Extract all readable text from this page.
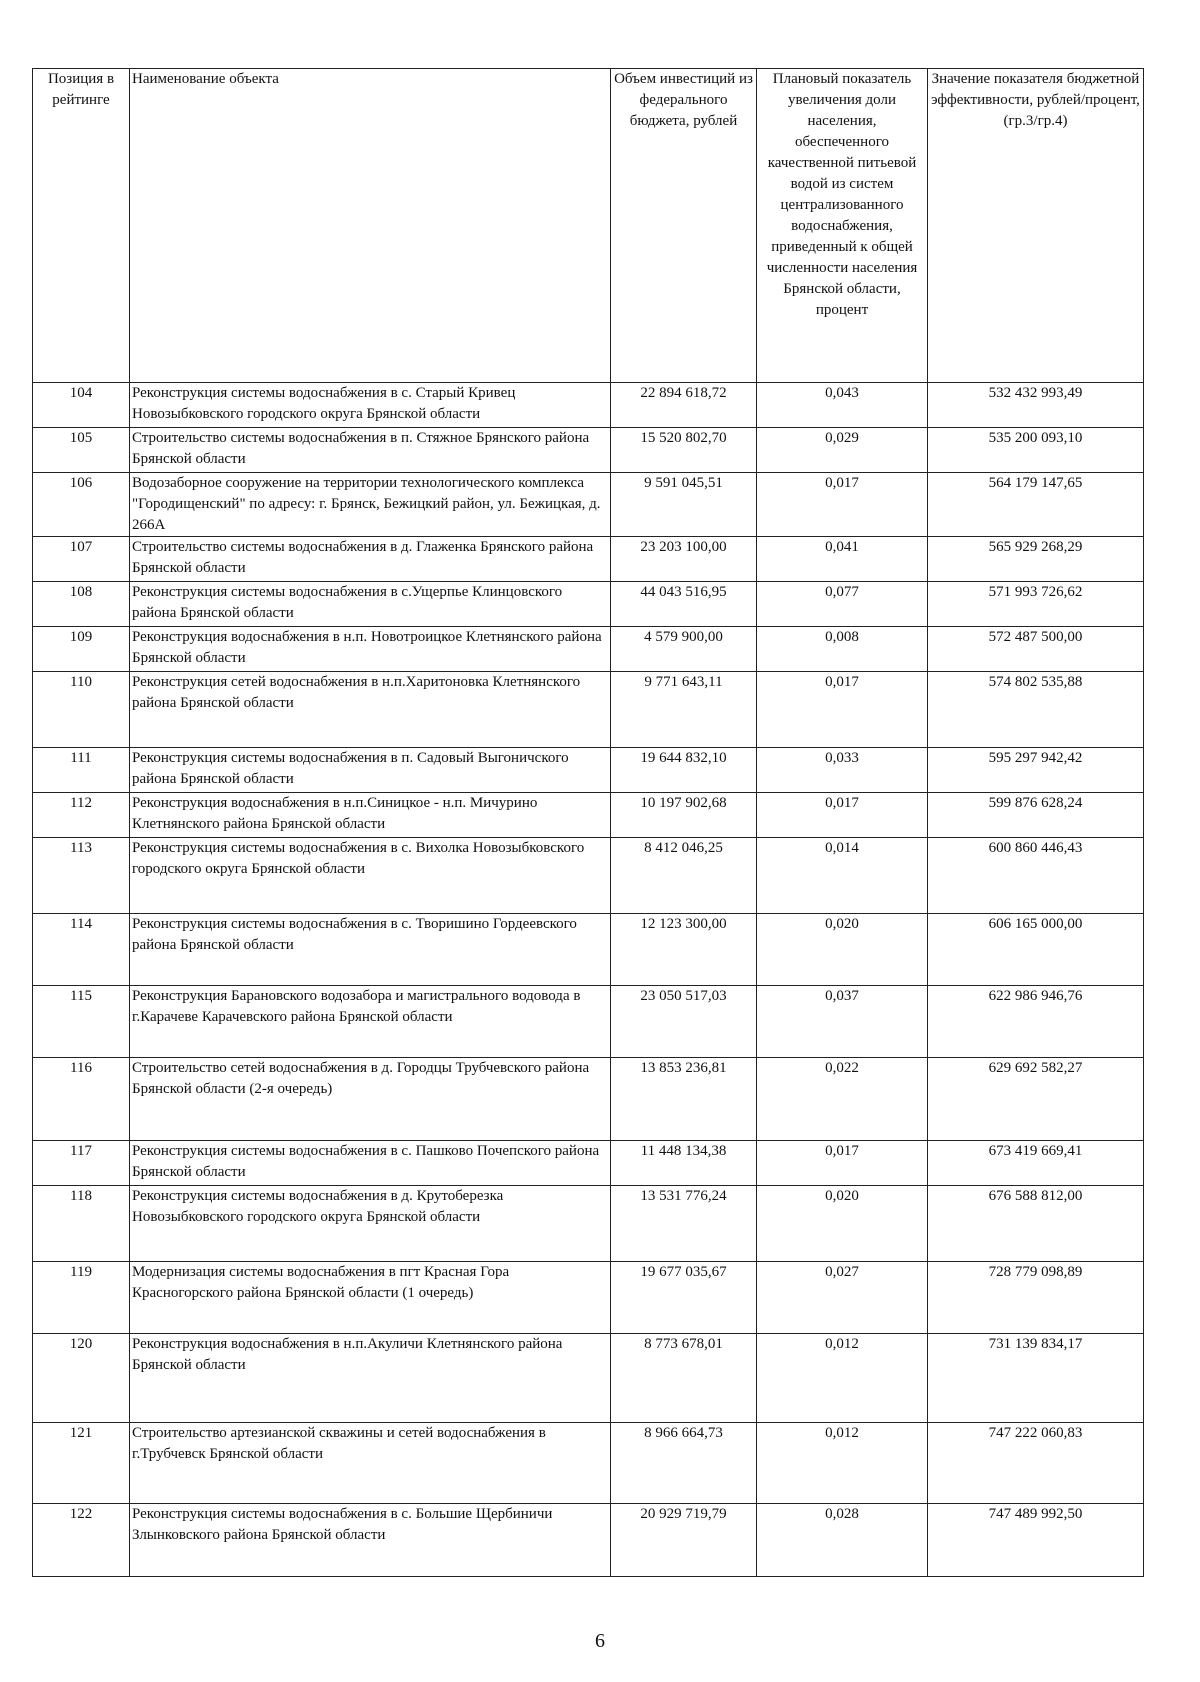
Позиция в рейтинге	Наименование объекта	Объем инвестиций из федерального бюджета, рублей	Плановый показатель увеличения доли населения, обеспеченного качественной питьевой водой из систем централизованного водоснабжения, приведенный к общей численности населения Брянской области, процент	Значение показателя бюджетной эффективности, рублей/процент, (гр.3/гр.4)
104	Реконструкция системы водоснабжения в с. Старый Кривец Новозыбковского городского округа Брянской области	22 894 618,72	0,043	532 432 993,49
105	Строительство системы водоснабжения в п. Стяжное Брянского района Брянской области	15 520 802,70	0,029	535 200 093,10
106	Водозаборное сооружение на территории технологического комплекса "Городищенский" по адресу: г. Брянск, Бежицкий район, ул. Бежицкая, д. 266А	9 591 045,51	0,017	564 179 147,65
107	Строительство системы водоснабжения в д. Глаженка Брянского района Брянской области	23 203 100,00	0,041	565 929 268,29
108	Реконструкция системы водоснабжения в с.Ущерпье Клинцовского района Брянской области	44 043 516,95	0,077	571 993 726,62
109	Реконструкция водоснабжения в н.п. Новотроицкое Клетнянского района Брянской области	4 579 900,00	0,008	572 487 500,00
110	Реконструкция сетей водоснабжения в н.п.Харитоновка Клетнянского района Брянской области	9 771 643,11	0,017	574 802 535,88
111	Реконструкция системы водоснабжения в п. Садовый Выгоничского района Брянской области	19 644 832,10	0,033	595 297 942,42
112	Реконструкция водоснабжения в н.п.Синицкое - н.п. Мичурино Клетнянского района Брянской области	10 197 902,68	0,017	599 876 628,24
113	Реконструкция системы водоснабжения в с. Вихолка Новозыбковского городского округа Брянской области	8 412 046,25	0,014	600 860 446,43
114	Реконструкция системы водоснабжения в с. Творишино Гордеевского района Брянской области	12 123 300,00	0,020	606 165 000,00
115	Реконструкция Барановского водозабора и магистрального водовода в г.Карачеве Карачевского района Брянской области	23 050 517,03	0,037	622 986 946,76
116	Строительство сетей водоснабжения в д. Городцы Трубчевского района Брянской области (2-я очередь)	13 853 236,81	0,022	629 692 582,27
117	Реконструкция системы водоснабжения в с. Пашково Почепского района Брянской области	11 448 134,38	0,017	673 419 669,41
118	Реконструкция системы водоснабжения в д. Крутоберезка Новозыбковского городского округа Брянской области	13 531 776,24	0,020	676 588 812,00
119	Модернизация системы водоснабжения в пгт Красная Гора Красногорского района Брянской области (1 очередь)	19 677 035,67	0,027	728 779 098,89
120	Реконструкция водоснабжения в н.п.Акуличи Клетнянского района Брянской области	8 773 678,01	0,012	731 139 834,17
121	Строительство артезианской скважины и сетей водоснабжения в г.Трубчевск Брянской области	8 966 664,73	0,012	747 222 060,83
122	Реконструкция системы водоснабжения в с. Большие Щербиничи Злынковского района Брянской области	20 929 719,79	0,028	747 489 992,50
6
